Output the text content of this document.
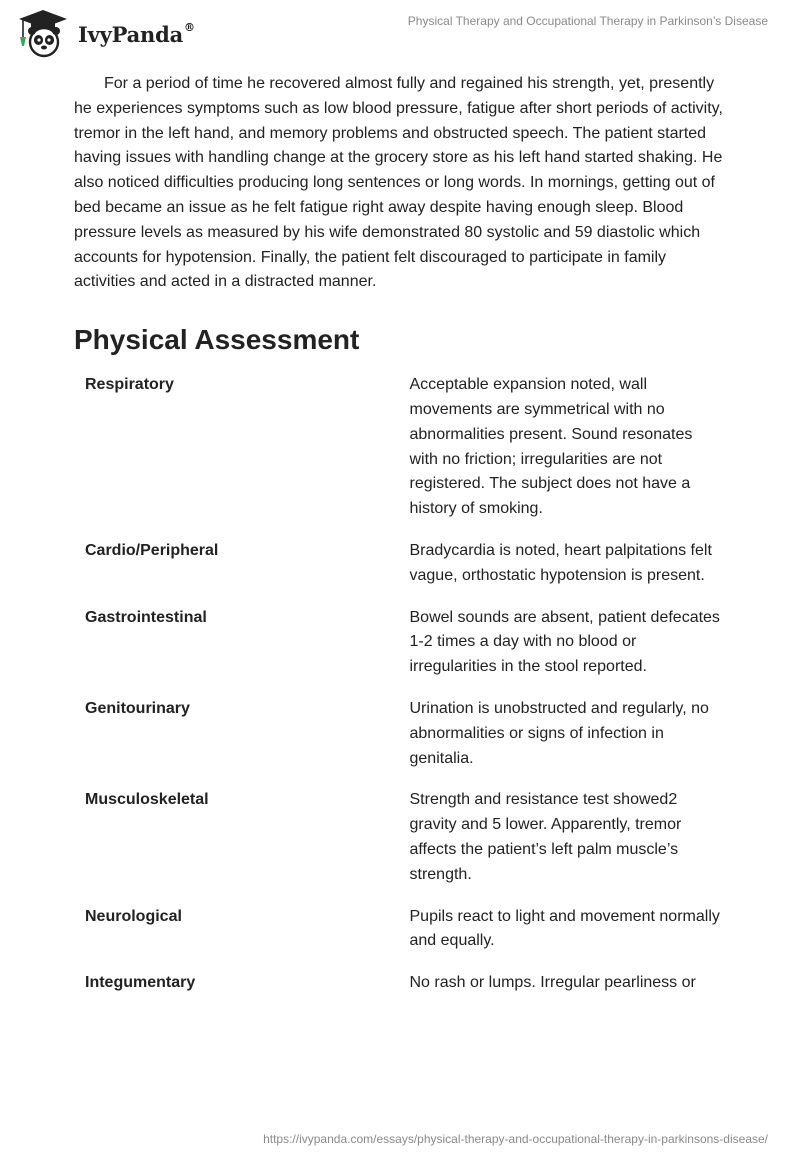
IvyPanda®	Physical Therapy and Occupational Therapy in Parkinson’s Disease

For a period of time he recovered almost fully and regained his strength, yet, presently he experiences symptoms such as low blood pressure, fatigue after short periods of activity, tremor in the left hand, and memory problems and obstructed speech. The patient started having issues with handling change at the grocery store as his left hand started shaking. He also noticed difficulties producing long sentences or long words. In mornings, getting out of bed became an issue as he felt fatigue right away despite having enough sleep. Blood pressure levels as measured by his wife demonstrated 80 systolic and 59 diastolic which accounts for hypotension. Finally, the patient felt discouraged to participate in family activities and acted in a distracted manner.

Physical Assessment
Respiratory	Acceptable expansion noted, wall movements are symmetrical with no abnormalities present. Sound resonates with no friction; irregularities are not registered. The subject does not have a history of smoking.
Cardio/Peripheral	Bradycardia is noted, heart palpitations felt vague, orthostatic hypotension is present.
Gastrointestinal	Bowel sounds are absent, patient defecates 1-2 times a day with no blood or irregularities in the stool reported.
Genitourinary	Urination is unobstructed and regularly, no abnormalities or signs of infection in genitalia.
Musculoskeletal	Strength and resistance test showed2 gravity and 5 lower. Apparently, tremor affects the patient’s left palm muscle’s strength.
Neurological	Pupils react to light and movement normally and equally.
Integumentary	No rash or lumps. Irregular pearliness or
https://ivypanda.com/essays/physical-therapy-and-occupational-therapy-in-parkinsons-disease/
